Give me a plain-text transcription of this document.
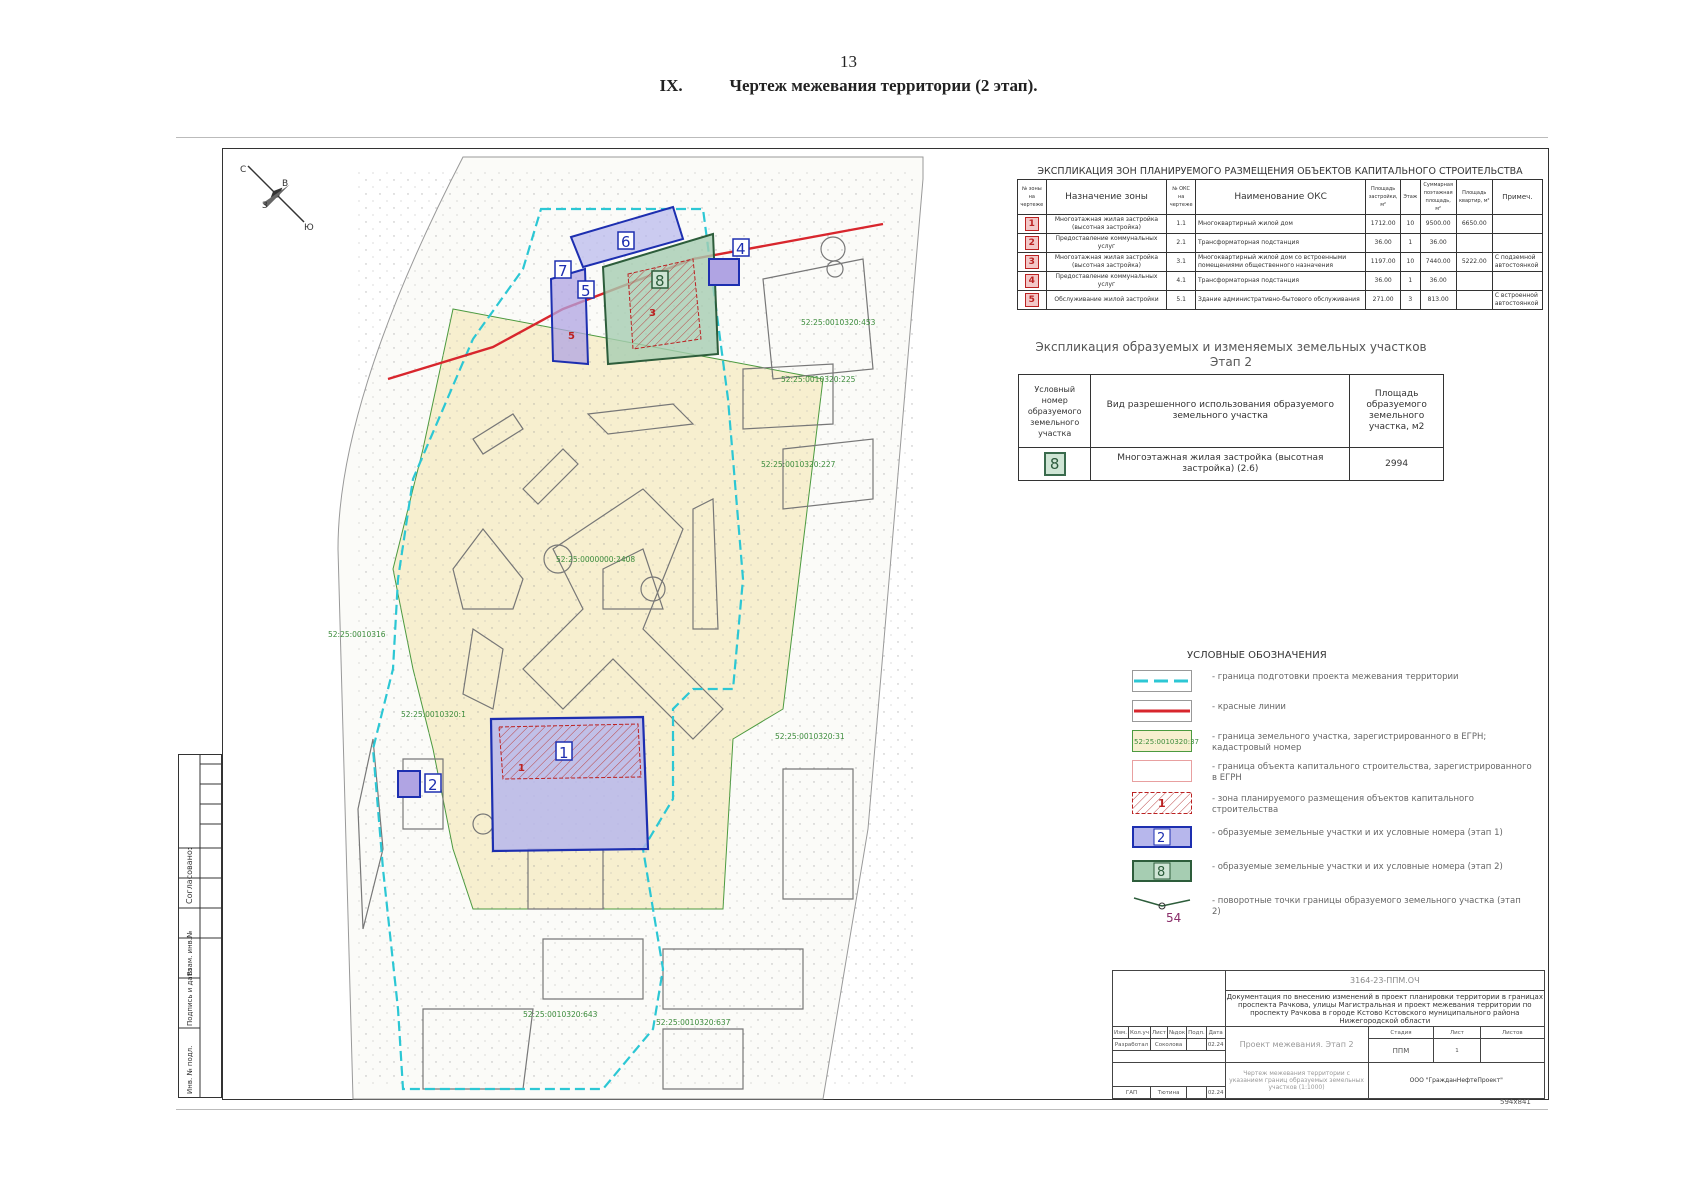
13
IX.	Чертеж межевания территории (2 этап).
Согласовано:
Взам. инв.№
Подпись и дата
Инв. № подл.
С
В
Ю
З
6
5
7
4
8
1
2
1
3
5
52:25:0010320:453
52:25:0010320:225
52:25:0010320:227
52:25:0000000:2408
52:25:0010316
52:25:0010320:1
52:25:0010320:31
52:25:0010320:643
52:25:0010320:637
ЭКСПЛИКАЦИЯ ЗОН ПЛАНИРУЕМОГО РАЗМЕЩЕНИЯ ОБЪЕКТОВ КАПИТАЛЬНОГО СТРОИТЕЛЬСТВА
№ зоны на чертеже	Назначение зоны	№ ОКС на чертеже	Наименование ОКС	Площадь застройки, м²	Этаж	Суммарная поэтажная площадь, м²	Площадь квартир, м²	Примеч.
1	Многоэтажная жилая застройка (высотная застройка)	1.1	Многоквартирный жилой дом	1712.00	10	9500.00	6650.00	
2	Предоставление коммунальных услуг	2.1	Трансформаторная подстанция	36.00	1	36.00		
3	Многоэтажная жилая застройка (высотная застройка)	3.1	Многоквартирный жилой дом со встроенными помещениями общественного назначения	1197.00	10	7440.00	5222.00	С подземной автостоянкой
4	Предоставление коммунальных услуг	4.1	Трансформаторная подстанция	36.00	1	36.00		
5	Обслуживание жилой застройки	5.1	Здание административно-бытового обслуживания	271.00	3	813.00		С встроенной автостоянкой
Экспликация образуемых и изменяемых земельных участков
Этап 2
Условный номер образуемого земельного участка	Вид разрешенного использования образуемого земельного участка	Площадь образуемого земельного участка, м2
8	Многоэтажная жилая застройка (высотная застройка) (2.6)	2994
УСЛОВНЫЕ ОБОЗНАЧЕНИЯ
- граница подготовки проекта межевания территории
- красные линии
52:25:0010320:37 - граница земельного участка, зарегистрированного в ЕГРН; кадастровый номер
- граница объекта капитального строительства, зарегистрированного в ЕГРН
1	- зона планируемого размещения объектов капитального строительства
2	- образуемые земельные участки и их условные номера (этап 1)
8	- образуемые земельные участки и их условные номера (этап 2)
54
- поворотные точки границы образуемого земельного участка (этап 2)
						3164-23-ППМ.ОЧ			
						Документация по внесению изменений в проект планировки территории в границах проспекта Рачкова, улицы Магистральная и проект межевания территории по проспекту Рачкова в городе Кстово Кстовского муниципального района Нижегородской области			
Изм.	Кол.уч	Лист	№док	Подп.	Дата	Проект межевания. Этап 2	Стадия	Лист	Листов
Разработал		Соколова			02.24		ППМ	1	

						Чертеж межевания территории с указанием границ образуемых земельных участков (1:1000)	ООО "ГражданНефтеПроект"		
ГАП		Тютина			02.24				
594х841
